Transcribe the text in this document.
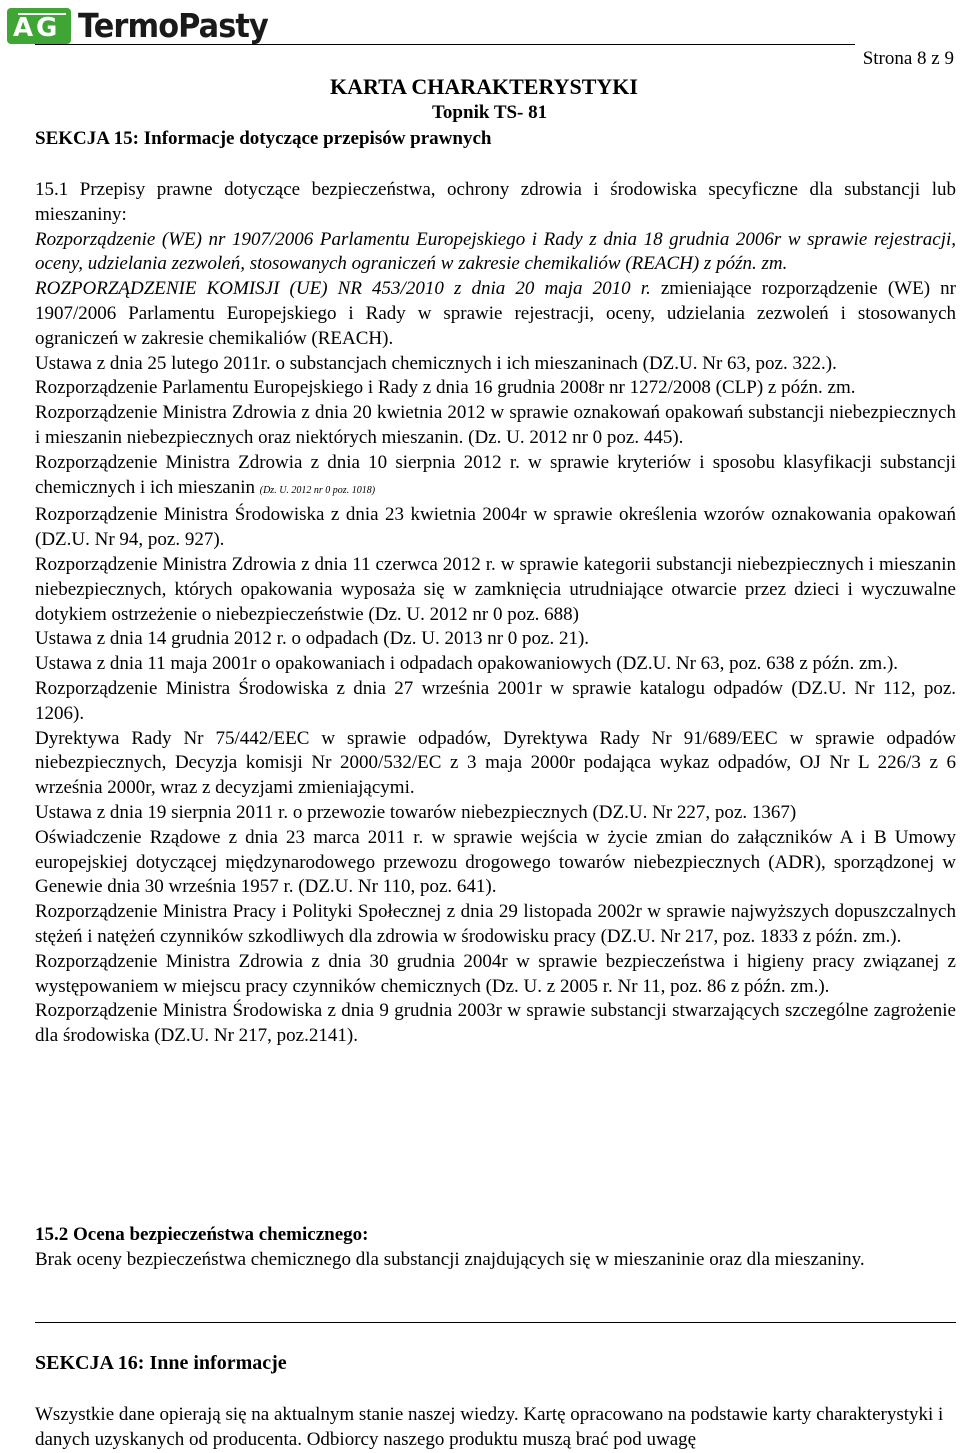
A G TermoPasty
Strona 8 z 9
KARTA CHARAKTERYSTYKI
Topnik TS- 81
SEKCJA 15: Informacje dotyczące przepisów prawnych

15.1 Przepisy prawne dotyczące bezpieczeństwa, ochrony zdrowia i środowiska specyficzne dla substancji lub mieszaniny:

Rozporządzenie (WE) nr 1907/2006 Parlamentu Europejskiego i Rady z dnia 18 grudnia 2006r w sprawie rejestracji, oceny, udzielania zezwoleń, stosowanych ograniczeń w zakresie chemikaliów (REACH) z późn. zm.

ROZPORZĄDZENIE KOMISJI (UE) NR 453/2010 z dnia 20 maja 2010 r. zmieniające rozporządzenie (WE) nr 1907/2006 Parlamentu Europejskiego i Rady w sprawie rejestracji, oceny, udzielania zezwoleń i stosowanych ograniczeń w zakresie chemikaliów (REACH).

Ustawa z dnia 25 lutego 2011r. o substancjach chemicznych i ich mieszaninach (DZ.U. Nr 63, poz. 322.).

Rozporządzenie Parlamentu Europejskiego i Rady z dnia 16 grudnia 2008r nr 1272/2008 (CLP) z późn. zm.

Rozporządzenie Ministra Zdrowia z dnia 20 kwietnia 2012 w sprawie oznakowań opakowań substancji niebezpiecznych i mieszanin niebezpiecznych oraz niektórych mieszanin. (Dz. U. 2012 nr 0 poz. 445).

Rozporządzenie Ministra Zdrowia z dnia 10 sierpnia 2012 r. w sprawie kryteriów i sposobu klasyfikacji substancji chemicznych i ich mieszanin (Dz. U. 2012 nr 0 poz. 1018)

Rozporządzenie Ministra Środowiska z dnia 23 kwietnia 2004r w sprawie określenia wzorów oznakowania opakowań (DZ.U. Nr 94, poz. 927).

Rozporządzenie Ministra Zdrowia z dnia 11 czerwca 2012 r. w sprawie kategorii substancji niebezpiecznych i mieszanin niebezpiecznych, których opakowania wyposaża się w zamknięcia utrudniające otwarcie przez dzieci i wyczuwalne dotykiem ostrzeżenie o niebezpieczeństwie (Dz. U. 2012 nr 0 poz. 688)

Ustawa z dnia 14 grudnia 2012 r. o odpadach (Dz. U. 2013 nr 0 poz. 21).

Ustawa z dnia 11 maja 2001r o opakowaniach i odpadach opakowaniowych (DZ.U. Nr 63, poz. 638 z późn. zm.).

Rozporządzenie Ministra Środowiska z dnia 27 września 2001r w sprawie katalogu odpadów (DZ.U. Nr 112, poz. 1206).

Dyrektywa Rady Nr 75/442/EEC w sprawie odpadów, Dyrektywa Rady Nr 91/689/EEC w sprawie odpadów niebezpiecznych, Decyzja komisji Nr 2000/532/EC z 3 maja 2000r podająca wykaz odpadów, OJ Nr L 226/3 z 6 września 2000r, wraz z decyzjami zmieniającymi.

Ustawa z dnia 19 sierpnia 2011 r. o przewozie towarów niebezpiecznych (DZ.U. Nr 227, poz. 1367)

Oświadczenie Rządowe z dnia 23 marca 2011 r. w sprawie wejścia w życie zmian do załączników A i B Umowy europejskiej dotyczącej międzynarodowego przewozu drogowego towarów niebezpiecznych (ADR), sporządzonej w Genewie dnia 30 września 1957 r. (DZ.U. Nr 110, poz. 641).

Rozporządzenie Ministra Pracy i Polityki Społecznej z dnia 29 listopada 2002r w sprawie najwyższych dopuszczalnych stężeń i natężeń czynników szkodliwych dla zdrowia w środowisku pracy (DZ.U. Nr 217, poz. 1833 z późn. zm.).

Rozporządzenie Ministra Zdrowia z dnia 30 grudnia 2004r w sprawie bezpieczeństwa i higieny pracy związanej z występowaniem w miejscu pracy czynników chemicznych (Dz. U. z 2005 r. Nr 11, poz. 86 z późn. zm.).

Rozporządzenie Ministra Środowiska z dnia 9 grudnia 2003r w sprawie substancji stwarzających szczególne zagrożenie dla środowiska (DZ.U. Nr 217, poz.2141).

15.2 Ocena bezpieczeństwa chemicznego:

Brak oceny bezpieczeństwa chemicznego dla substancji znajdujących się w mieszaninie oraz dla mieszaniny.

SEKCJA 16: Inne informacje

Wszystkie dane opierają się na aktualnym stanie naszej wiedzy. Kartę opracowano na podstawie karty charakterystyki i danych uzyskanych od producenta. Odbiorcy naszego produktu muszą brać pod uwagę
